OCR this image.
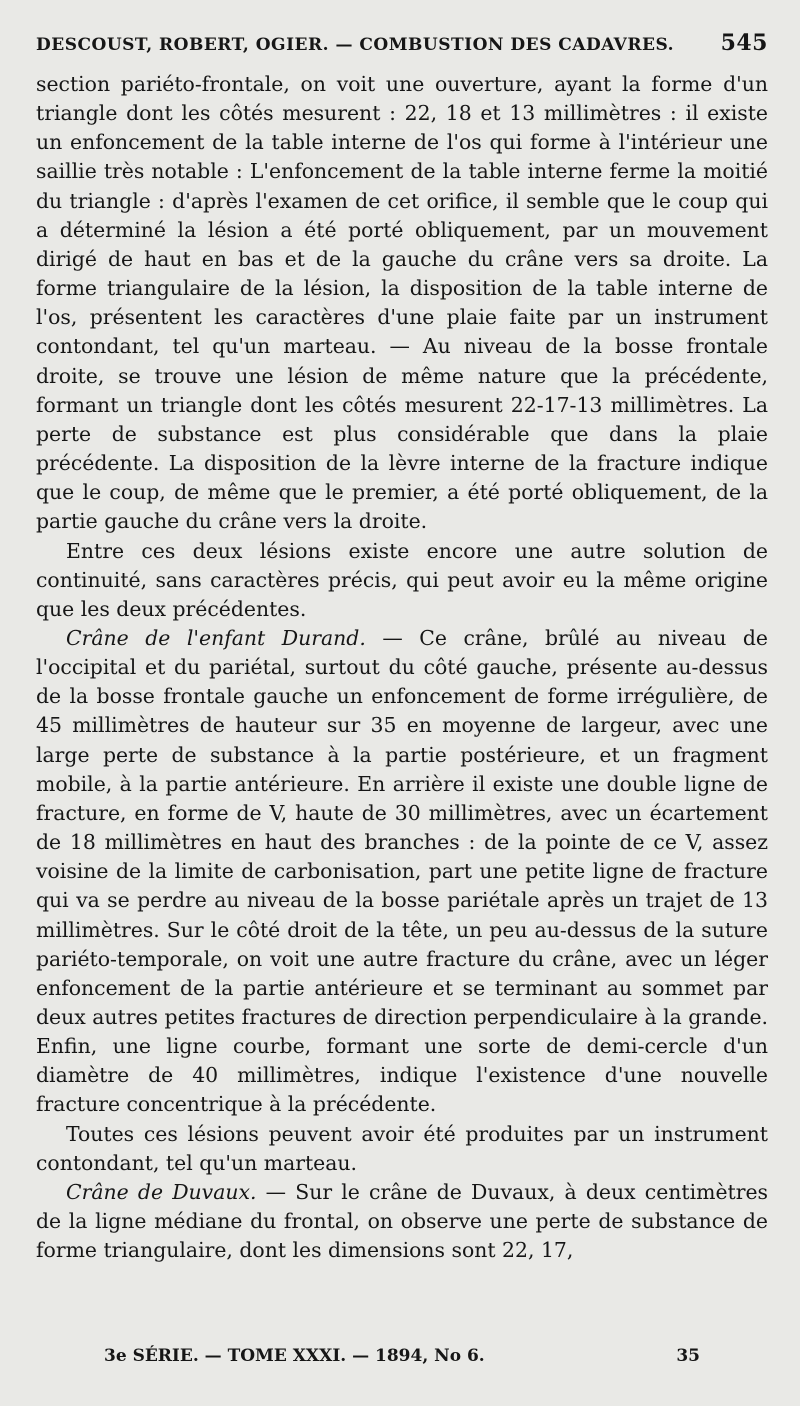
DESCOUST, ROBERT, OGIER. — COMBUSTION DES CADAVRES. 545

section pariéto-frontale, on voit une ouverture, ayant la forme d'un triangle dont les côtés mesurent : 22, 18 et 13 millimètres : il existe un enfoncement de la table interne de l'os qui forme à l'intérieur une saillie très notable : L'enfoncement de la table interne ferme la moitié du triangle : d'après l'examen de cet orifice, il semble que le coup qui a déterminé la lésion a été porté obliquement, par un mouvement dirigé de haut en bas et de la gauche du crâne vers sa droite. La forme triangulaire de la lésion, la disposition de la table interne de l'os, présentent les caractères d'une plaie faite par un instrument contondant, tel qu'un marteau. — Au niveau de la bosse frontale droite, se trouve une lésion de même nature que la précédente, formant un triangle dont les côtés mesurent 22-17-13 millimètres. La perte de substance est plus considérable que dans la plaie précédente. La disposition de la lèvre interne de la fracture indique que le coup, de même que le premier, a été porté obliquement, de la partie gauche du crâne vers la droite.

Entre ces deux lésions existe encore une autre solution de continuité, sans caractères précis, qui peut avoir eu la même origine que les deux précédentes.

Crâne de l'enfant Durand. — Ce crâne, brûlé au niveau de l'occipital et du pariétal, surtout du côté gauche, présente au-dessus de la bosse frontale gauche un enfoncement de forme irrégulière, de 45 millimètres de hauteur sur 35 en moyenne de largeur, avec une large perte de substance à la partie postérieure, et un fragment mobile, à la partie antérieure. En arrière il existe une double ligne de fracture, en forme de V, haute de 30 millimètres, avec un écartement de 18 millimètres en haut des branches : de la pointe de ce V, assez voisine de la limite de carbonisation, part une petite ligne de fracture qui va se perdre au niveau de la bosse pariétale après un trajet de 13 millimètres. Sur le côté droit de la tête, un peu au-dessus de la suture pariéto-temporale, on voit une autre fracture du crâne, avec un léger enfoncement de la partie antérieure et se terminant au sommet par deux autres petites fractures de direction perpendiculaire à la grande. Enfin, une ligne courbe, formant une sorte de demi-cercle d'un diamètre de 40 millimètres, indique l'existence d'une nouvelle fracture concentrique à la précédente.

Toutes ces lésions peuvent avoir été produites par un instrument contondant, tel qu'un marteau.

Crâne de Duvaux. — Sur le crâne de Duvaux, à deux centimètres de la ligne médiane du frontal, on observe une perte de substance de forme triangulaire, dont les dimensions sont 22, 17,

3e SÉRIE. — TOME XXXI. — 1894, No 6.	35
